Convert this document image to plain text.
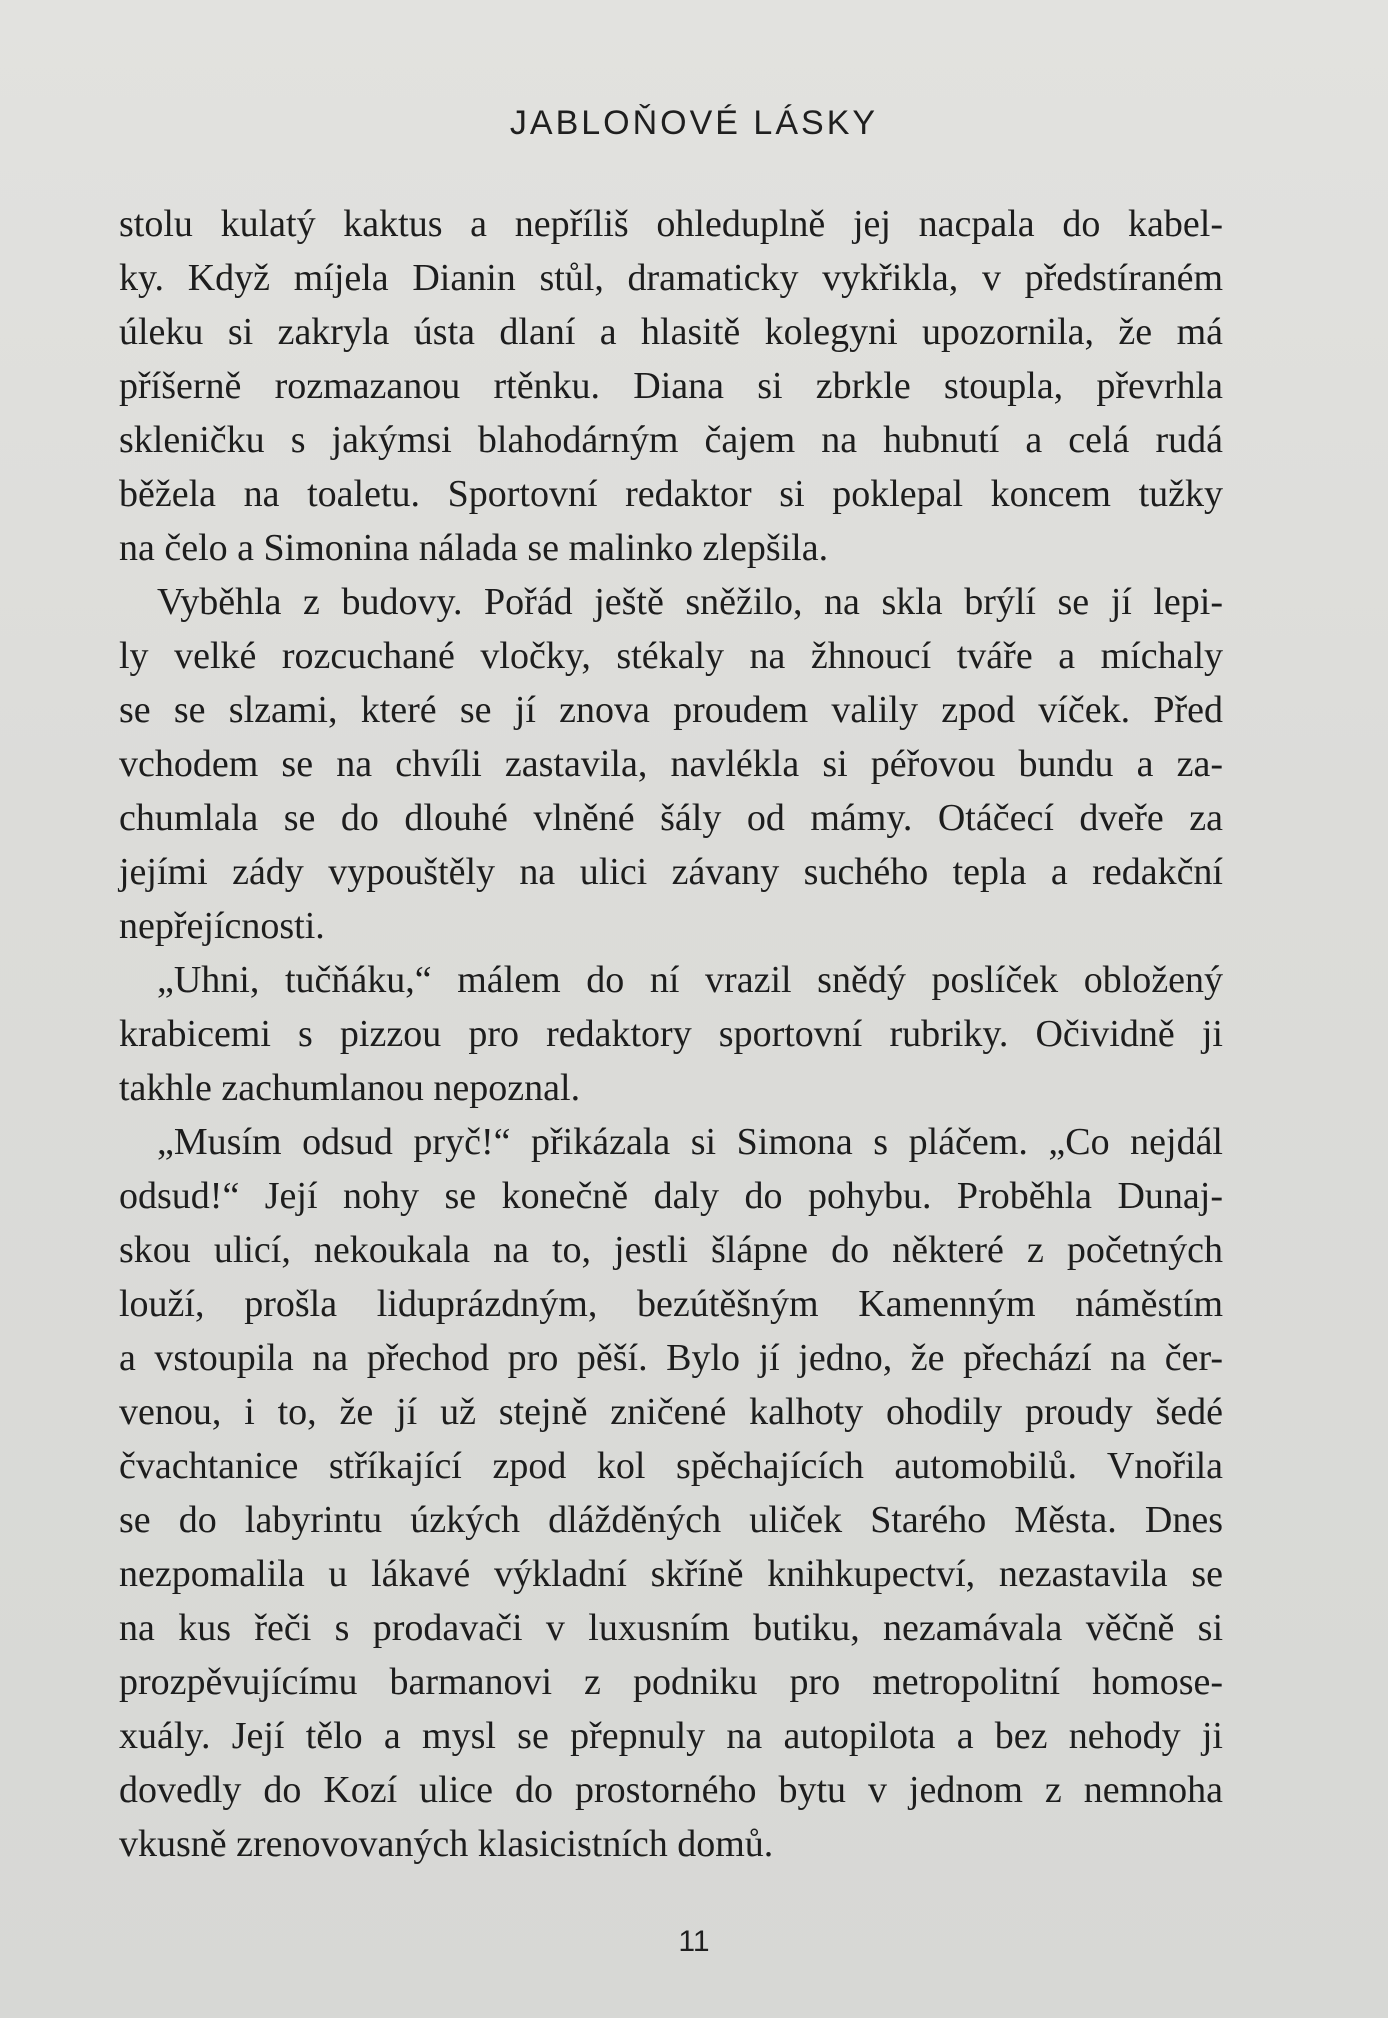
JABLOŇOVÉ LÁSKY
stolu kulatý kaktus a nepříliš ohleduplně jej nacpala do kabel-
ky. Když míjela Dianin stůl, dramaticky vykřikla, v předstíraném
úleku si zakryla ústa dlaní a hlasitě kolegyni upozornila, že má
příšerně rozmazanou rtěnku. Diana si zbrkle stoupla, převrhla
skleničku s jakýmsi blahodárným čajem na hubnutí a celá rudá
běžela na toaletu. Sportovní redaktor si poklepal koncem tužky
na čelo a Simonina nálada se malinko zlepšila.
Vyběhla z budovy. Pořád ještě sněžilo, na skla brýlí se jí lepi-
ly velké rozcuchané vločky, stékaly na žhnoucí tváře a míchaly
se se slzami, které se jí znova proudem valily zpod víček. Před
vchodem se na chvíli zastavila, navlékla si péřovou bundu a za-
chumlala se do dlouhé vlněné šály od mámy. Otáčecí dveře za
jejími zády vypouštěly na ulici závany suchého tepla a redakční
nepřejícnosti.
„Uhni, tučňáku,“ málem do ní vrazil snědý poslíček obložený
krabicemi s pizzou pro redaktory sportovní rubriky. Očividně ji
takhle zachumlanou nepoznal.
„Musím odsud pryč!“ přikázala si Simona s pláčem. „Co nejdál
odsud!“ Její nohy se konečně daly do pohybu. Proběhla Dunaj-
skou ulicí, nekoukala na to, jestli šlápne do některé z početných
louží, prošla liduprázdným, bezútěšným Kamenným náměstím
a vstoupila na přechod pro pěší. Bylo jí jedno, že přechází na čer-
venou, i to, že jí už stejně zničené kalhoty ohodily proudy šedé
čvachtanice stříkající zpod kol spěchajících automobilů. Vnořila
se do labyrintu úzkých dlážděných uliček Starého Města. Dnes
nezpomalila u lákavé výkladní skříně knihkupectví, nezastavila se
na kus řeči s prodavači v luxusním butiku, nezamávala věčně si
prozpěvujícímu barmanovi z podniku pro metropolitní homose-
xuály. Její tělo a mysl se přepnuly na autopilota a bez nehody ji
dovedly do Kozí ulice do prostorného bytu v jednom z nemnoha
vkusně zrenovovaných klasicistních domů.
11
